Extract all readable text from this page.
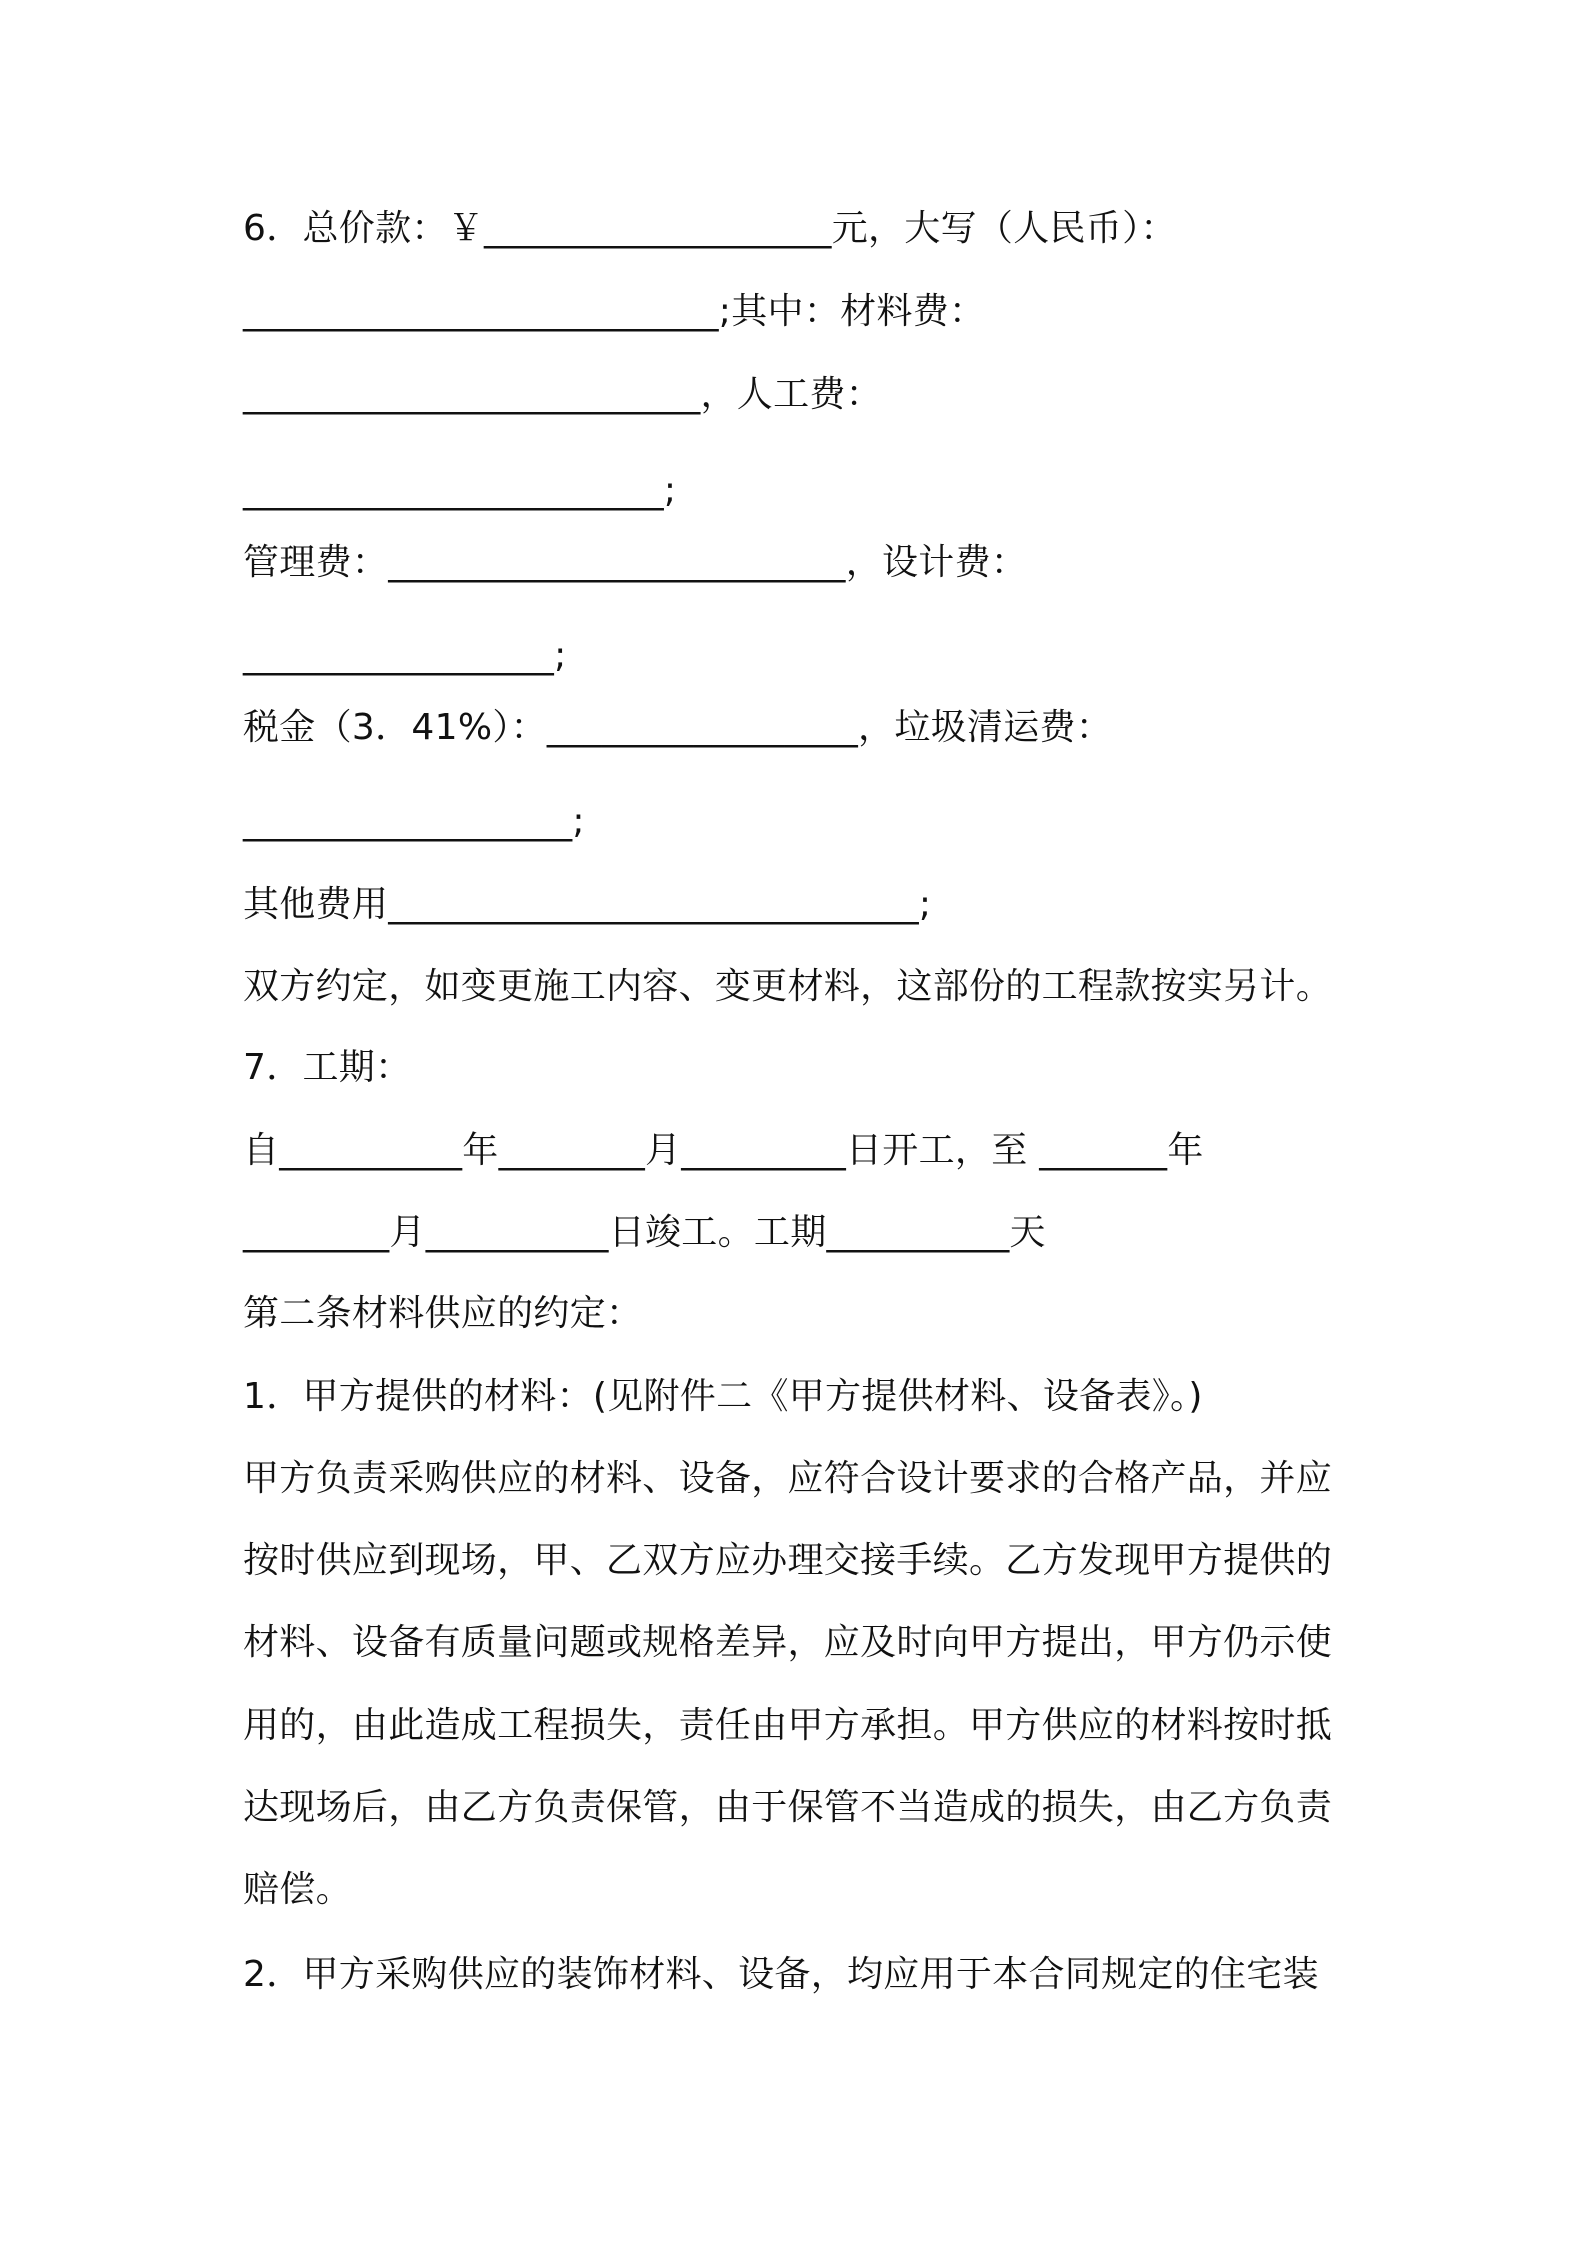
6．总价款：￥___________________元，大写（人民币）：

__________________________;其中：材料费：

_________________________，人工费：

_______________________;

管理费：_________________________，设计费：

_________________;

税金（3．41%）：_________________，垃圾清运费：

__________________;

其他费用_____________________________;

双方约定，如变更施工内容、变更材料，这部份的工程款按实另计。

7．工期：

自__________年________月_________日开工，至 _______年

________月__________日竣工。工期__________天

第二条材料供应的约定：

1．甲方提供的材料：(见附件二《甲方提供材料、设备表》。)

甲方负责采购供应的材料、设备，应符合设计要求的合格产品，并应

按时供应到现场，甲、乙双方应办理交接手续。乙方发现甲方提供的

材料、设备有质量问题或规格差异，应及时向甲方提出，甲方仍示使

用的，由此造成工程损失，责任由甲方承担。甲方供应的材料按时抵

达现场后，由乙方负责保管，由于保管不当造成的损失，由乙方负责

赔偿。

2．甲方采购供应的装饰材料、设备，均应用于本合同规定的住宅装
